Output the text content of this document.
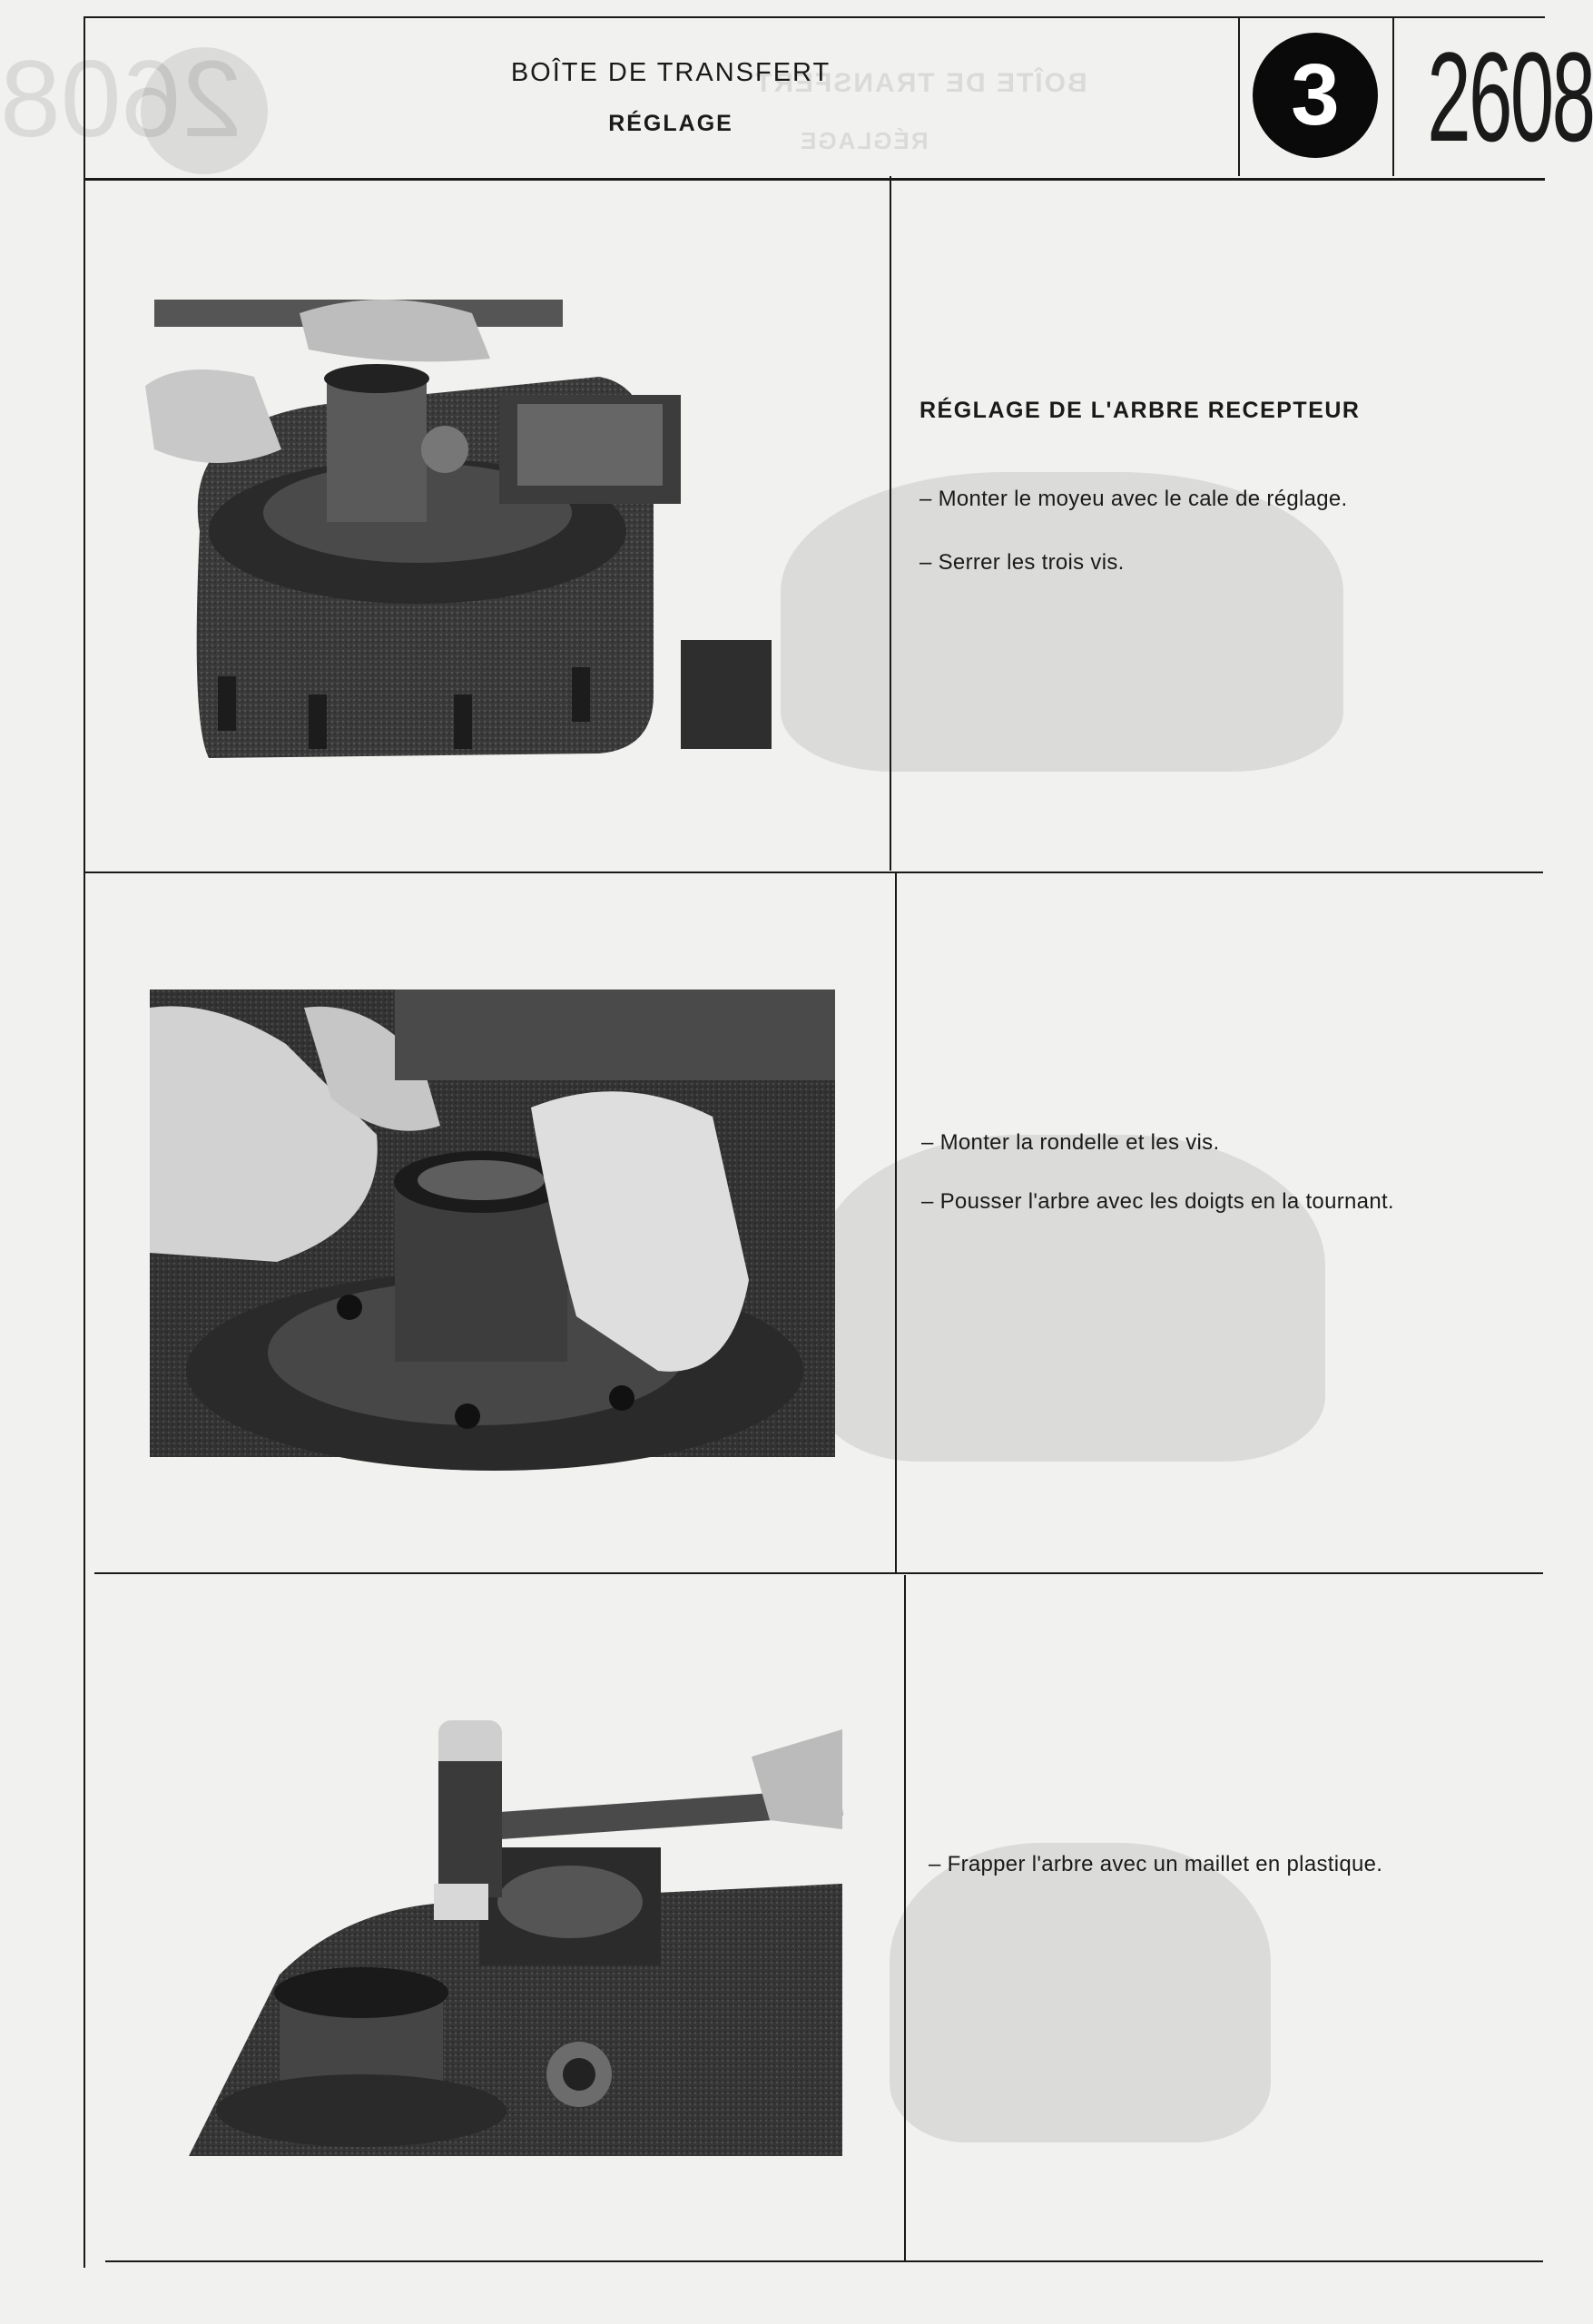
2608	BOÎTE DE TRANSFERT
RÉGLAGE
BOÎTE DE TRANSFERT
RÉGLAGE	3 2608
RÉGLAGE DE L'ARBRE RECEPTEUR
– Monter le moyeu avec le cale de réglage.
– Serrer les trois vis.
– Monter la rondelle et les vis.
– Pousser l'arbre avec les doigts en la tournant.
– Frapper l'arbre avec un maillet en plastique.
